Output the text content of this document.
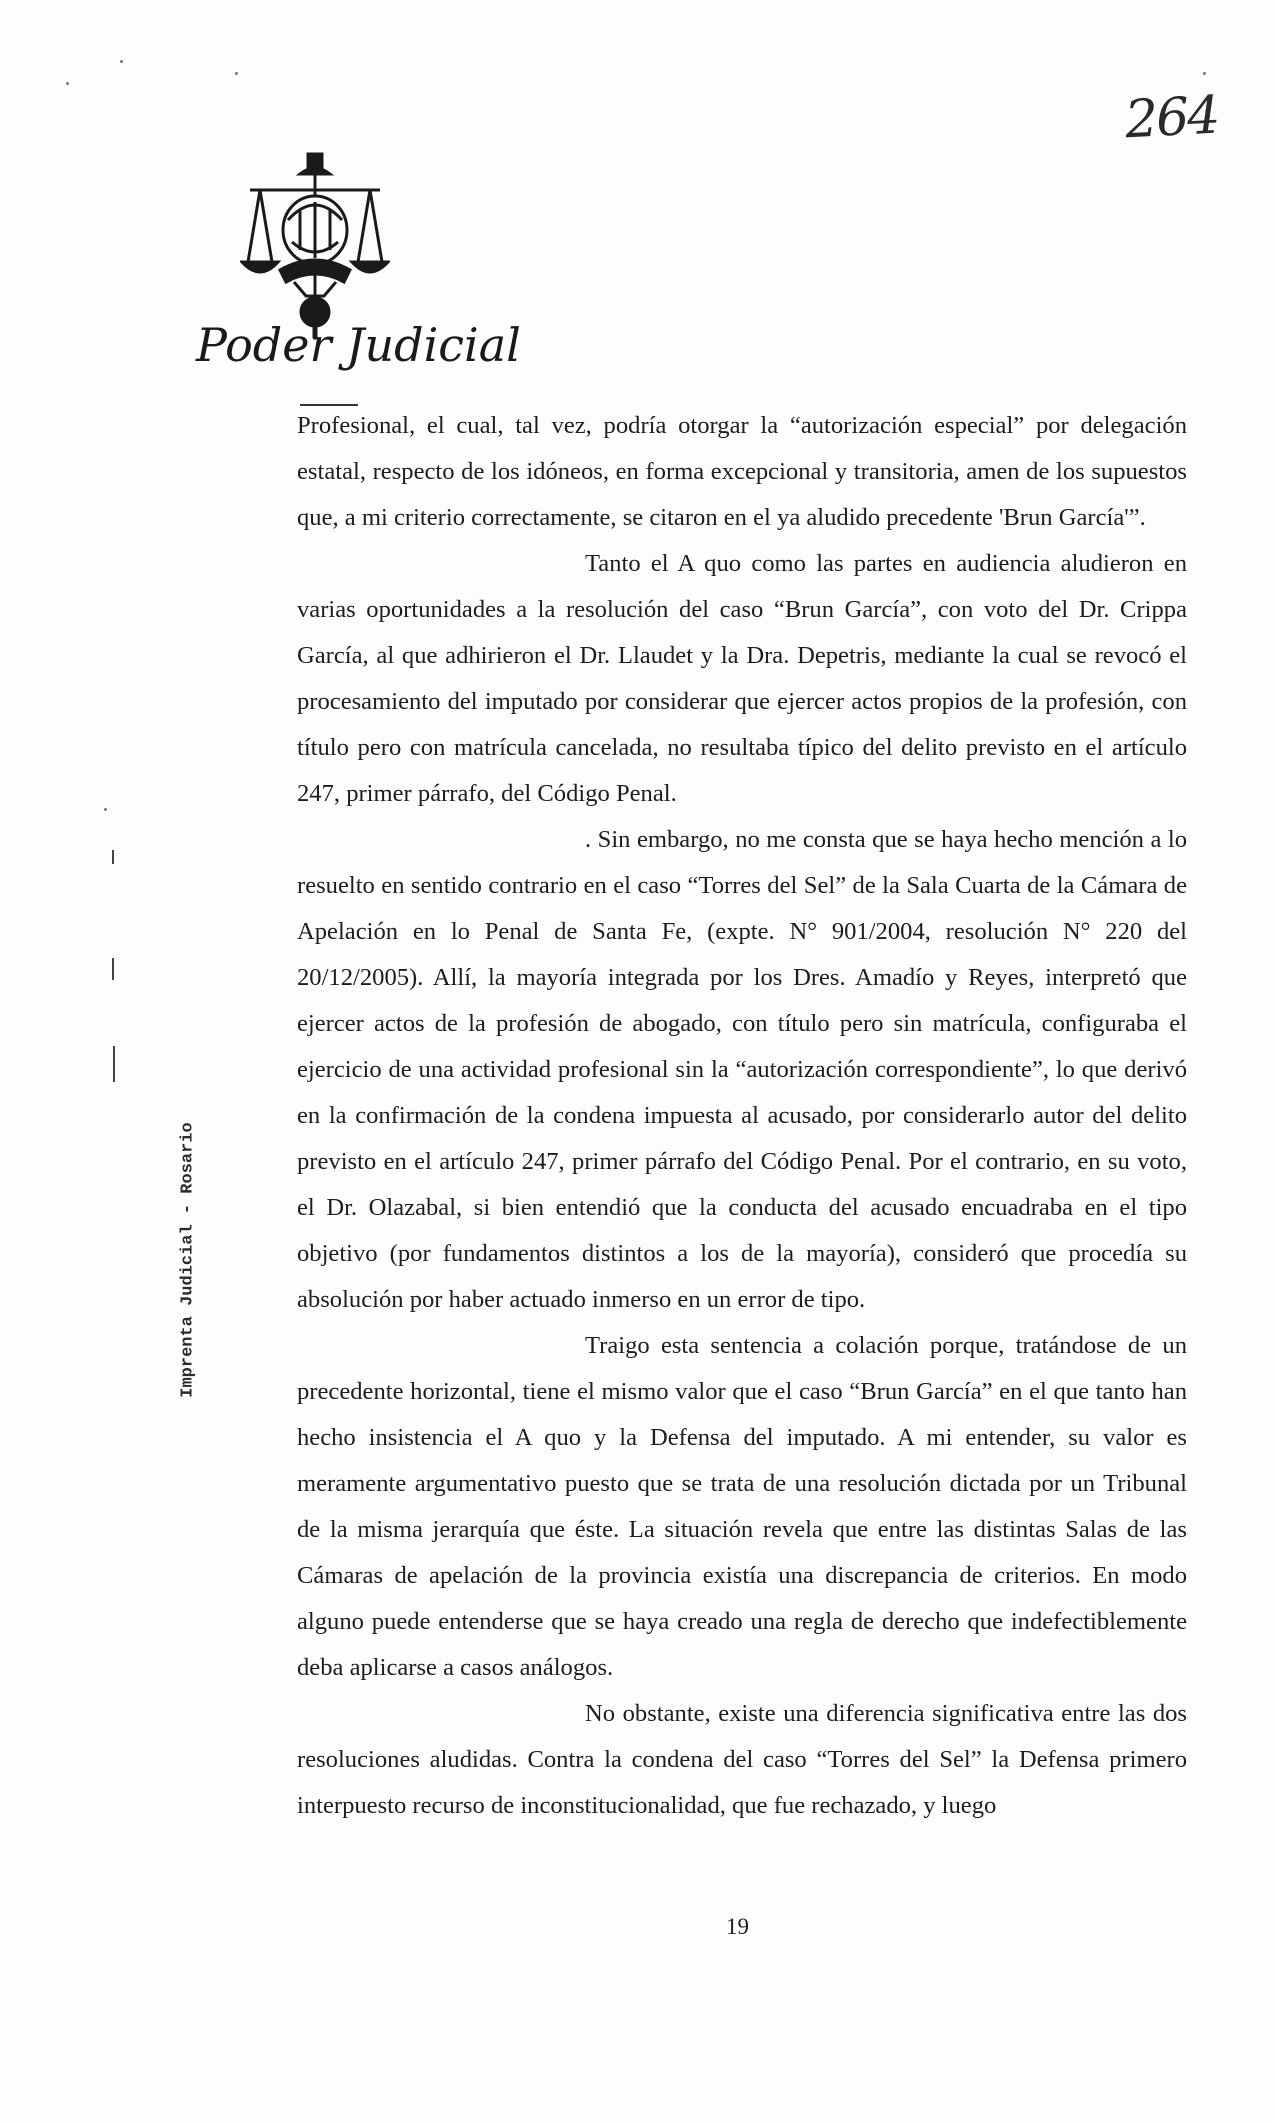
264
Poder Judicial
Imprenta Judicial - Rosario

Profesional, el cual, tal vez, podría otorgar la “autorización especial” por delegación estatal, respecto de los idóneos, en forma excepcional y transitoria, amen de los supuestos que, a mi criterio correctamente, se citaron en el ya aludido precedente 'Brun García'”.

Tanto el A quo como las partes en audiencia aludieron en varias oportunidades a la resolución del caso “Brun García”, con voto del Dr. Crippa García, al que adhirieron el Dr. Llaudet y la Dra. Depetris, mediante la cual se revocó el procesamiento del imputado por considerar que ejercer actos propios de la profesión, con título pero con matrícula cancelada, no resultaba típico del delito previsto en el artículo 247, primer párrafo, del Código Penal.

. Sin embargo, no me consta que se haya hecho mención a lo resuelto en sentido contrario en el caso “Torres del Sel” de la Sala Cuarta de la Cámara de Apelación en lo Penal de Santa Fe, (expte. N° 901/2004, resolución N° 220 del 20/12/2005). Allí, la mayoría integrada por los Dres. Amadío y Reyes, interpretó que ejercer actos de la profesión de abogado, con título pero sin matrícula, configuraba el ejercicio de una actividad profesional sin la “autorización correspondiente”, lo que derivó en la confirmación de la condena impuesta al acusado, por considerarlo autor del delito previsto en el artículo 247, primer párrafo del Código Penal. Por el contrario, en su voto, el Dr. Olazabal, si bien entendió que la conducta del acusado encuadraba en el tipo objetivo (por fundamentos distintos a los de la mayoría), consideró que procedía su absolución por haber actuado inmerso en un error de tipo.

Traigo esta sentencia a colación porque, tratándose de un precedente horizontal, tiene el mismo valor que el caso “Brun García” en el que tanto han hecho insistencia el A quo y la Defensa del imputado. A mi entender, su valor es meramente argumentativo puesto que se trata de una resolución dictada por un Tribunal de la misma jerarquía que éste. La situación revela que entre las distintas Salas de las Cámaras de apelación de la provincia existía una discrepancia de criterios. En modo alguno puede entenderse que se haya creado una regla de derecho que indefectiblemente deba aplicarse a casos análogos.

No obstante, existe una diferencia significativa entre las dos resoluciones aludidas. Contra la condena del caso “Torres del Sel” la Defensa primero interpuesto recurso de inconstitucionalidad, que fue rechazado, y luego

19
